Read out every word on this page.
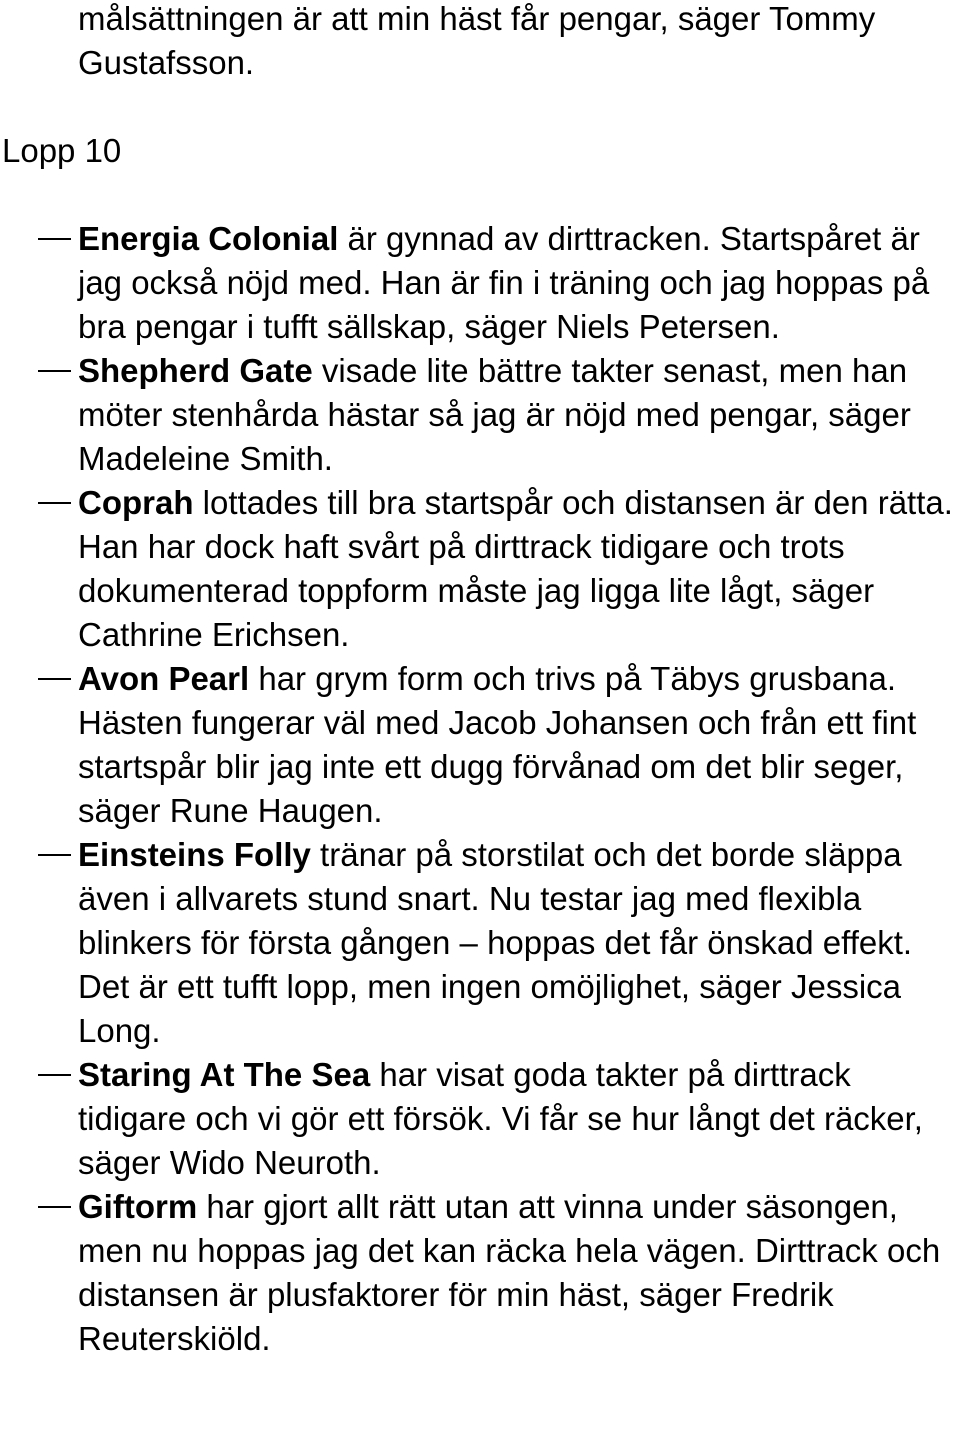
målsättningen är att min häst får pengar, säger Tommy Gustafsson.

Lopp 10
Energia Colonial är gynnad av dirttracken. Startspåret är jag också nöjd med. Han är fin i träning och jag hoppas på bra pengar i tufft sällskap, säger Niels Petersen.
Shepherd Gate visade lite bättre takter senast, men han möter stenhårda hästar så jag är nöjd med pengar, säger Madeleine Smith.
Coprah lottades till bra startspår och distansen är den rätta. Han har dock haft svårt på dirttrack tidigare och trots dokumenterad toppform måste jag ligga lite lågt, säger Cathrine Erichsen.
Avon Pearl har grym form och trivs på Täbys grusbana. Hästen fungerar väl med Jacob Johansen och från ett fint startspår blir jag inte ett dugg förvånad om det blir seger, säger Rune Haugen.
Einsteins Folly tränar på storstilat och det borde släppa även i allvarets stund snart. Nu testar jag med flexibla blinkers för första gången – hoppas det får önskad effekt. Det är ett tufft lopp, men ingen omöjlighet, säger Jessica Long.
Staring At The Sea har visat goda takter på dirttrack tidigare och vi gör ett försök. Vi får se hur långt det räcker, säger Wido Neuroth.
Giftorm har gjort allt rätt utan att vinna under säsongen, men nu hoppas jag det kan räcka hela vägen. Dirttrack och distansen är plusfaktorer för min häst, säger Fredrik Reuterskiöld.
